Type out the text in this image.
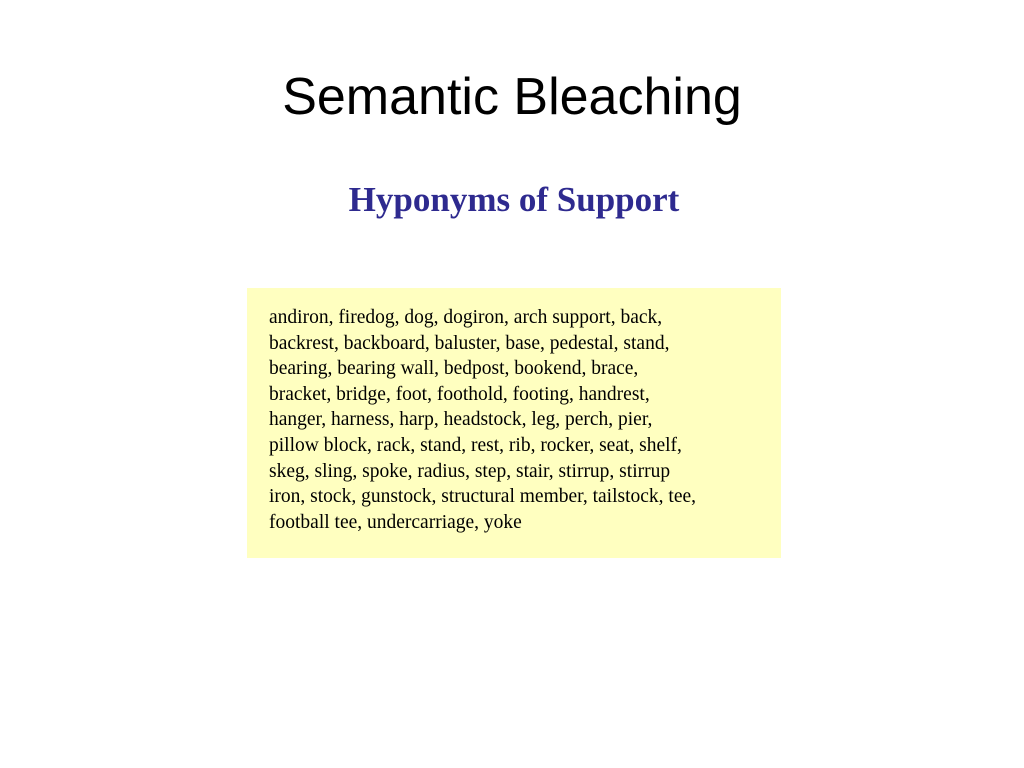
Semantic Bleaching
Hyponyms of Support
andiron, firedog, dog, dogiron, arch support, back,
backrest, backboard, baluster, base, pedestal, stand,
bearing, bearing wall, bedpost, bookend, brace,
bracket, bridge, foot, foothold, footing, handrest,
hanger, harness, harp, headstock, leg, perch, pier,
pillow block, rack, stand, rest, rib, rocker, seat, shelf,
skeg, sling, spoke, radius, step, stair, stirrup, stirrup
iron, stock, gunstock, structural member, tailstock, tee,
football tee, undercarriage, yoke
